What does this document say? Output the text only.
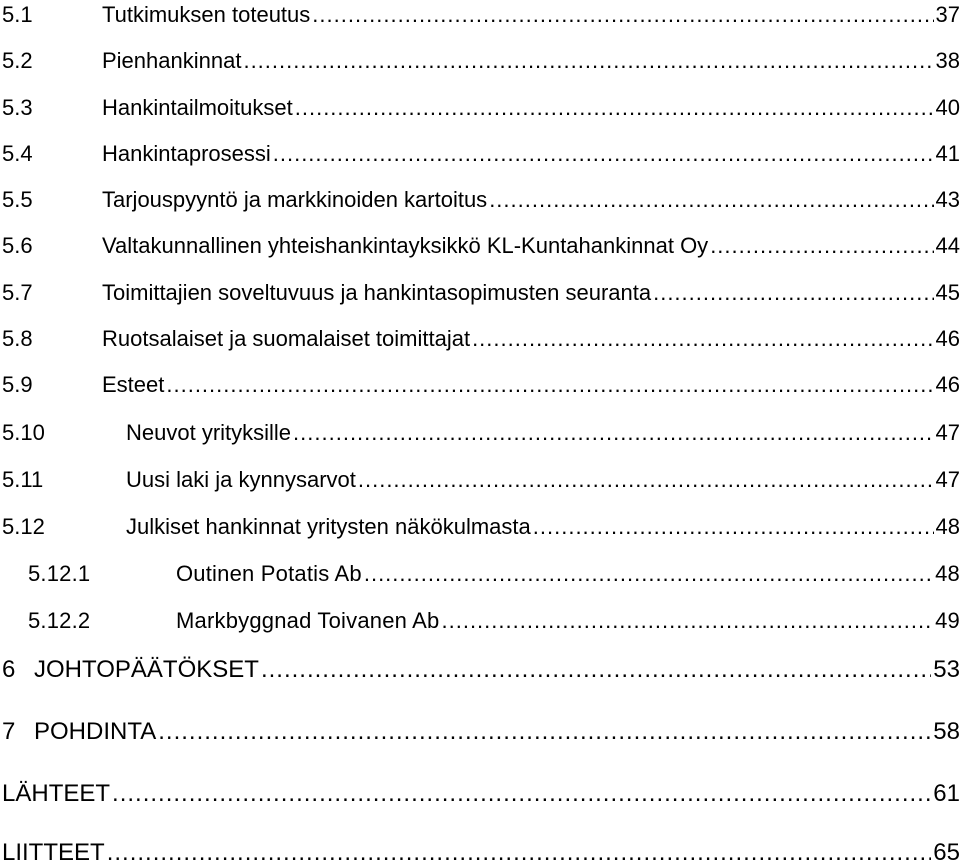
5.1	Tutkimuksen toteutus .....	37
5.2	Pienhankinnat .....	38
5.3	Hankintailmoitukset .....	40
5.4	Hankintaprosessi .....	41
5.5	Tarjouspyyntö ja markkinoiden kartoitus .....	43
5.6	Valtakunnallinen yhteishankintayksikkö KL-Kuntahankinnat Oy .....	44
5.7	Toimittajien soveltuvuus ja hankintasopimusten seuranta .....	45
5.8	Ruotsalaiset ja suomalaiset toimittajat .....	46
5.9	Esteet .....	46
5.10	Neuvot yrityksille .....	47
5.11	Uusi laki ja kynnysarvot .....	47
5.12	Julkiset hankinnat yritysten näkökulmasta .....	48
5.12.1	Outinen Potatis Ab .....	48
5.12.2	Markbyggnad Toivanen Ab .....	49
6 JOHTOPÄÄTÖKSET .....	53
7 POHDINTA .....	58
LÄHTEET .....	61
LIITTEET .....	65
